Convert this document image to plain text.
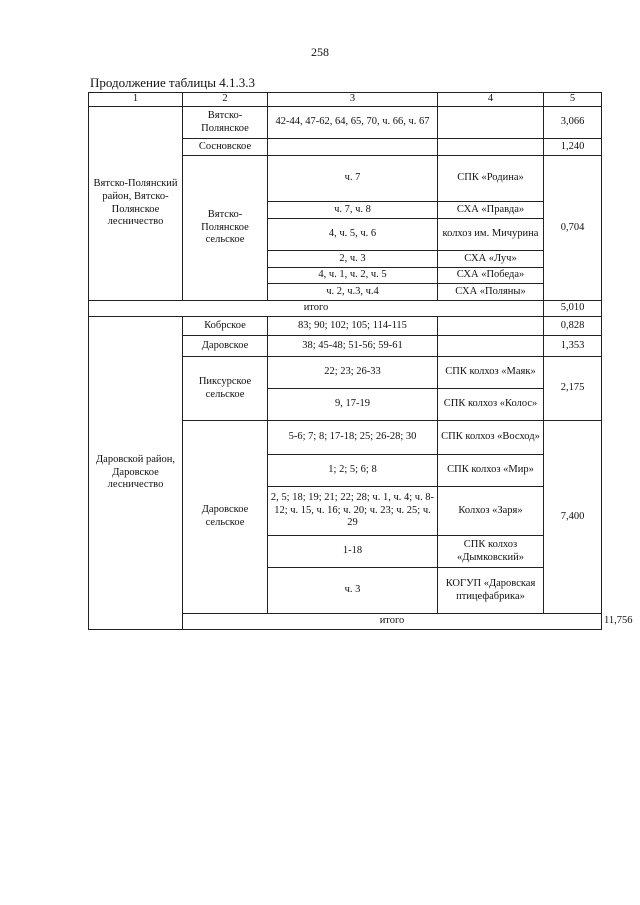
258
Продолжение таблицы 4.1.3.3
1	2	3	4	5	
Вятско-Полянский район, Вятско-Полянское лесничество	Вятско-Полянское	42-44, 47-62, 64, 65, 70, ч. 66, ч. 67		3,066	
	Сосновское			1,240	
	Вятско-Полянское сельское	ч. 7	СПК «Родина»	0,704	
		ч. 7, ч. 8	СХА «Правда»		
		4, ч. 5, ч. 6	колхоз им. Мичурина		
		2, ч. 3	СХА «Луч»		
		4, ч. 1, ч. 2, ч. 5	СХА «Победа»		
		ч. 2, ч.3, ч.4	СХА «Поляны»		
итого				5,010	
Даровской район, Даровское лесничество	Кобрское	83; 90; 102; 105; 114-115		0,828	
	Даровское	38; 45-48; 51-56; 59-61		1,353	
	Пиксурское сельское	22; 23; 26-33	СПК колхоз «Маяк»	2,175	
		9, 17-19	СПК колхоз «Колос»		
	Даровское сельское	5-6; 7; 8; 17-18; 25; 26-28; 30	СПК колхоз «Восход»	7,400	
		1; 2; 5; 6; 8	СПК колхоз «Мир»		
		2, 5; 18; 19; 21; 22; 28; ч. 1, ч. 4; ч. 8-12; ч. 15, ч. 16; ч. 20; ч. 23; ч. 25; ч. 29	Колхоз «Заря»		
		1-18	СПК колхоз «Дымковский»		
		ч. 3	КОГУП «Даровская птицефабрика»		
	итого				11,756
